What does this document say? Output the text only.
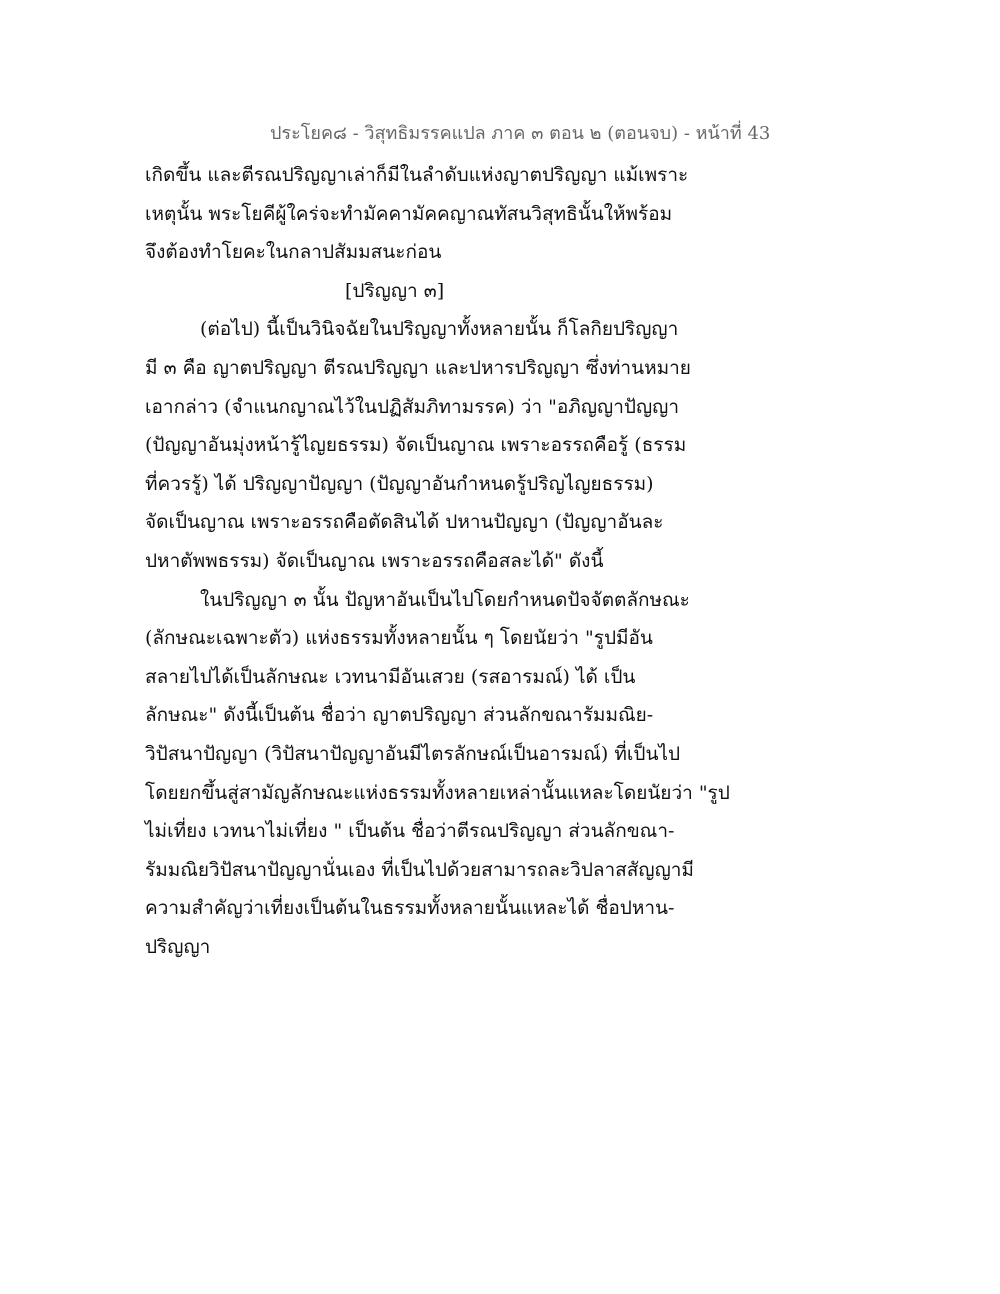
ประโยค๘ - วิสุทธิมรรคแปล ภาค ๓ ตอน ๒ (ตอนจบ) - หน้าที่ 43
เกิดขึ้น และตีรณปริญญาเล่าก็มีในลำดับแห่งญาตปริญญา แม้เพราะ
เหตุนั้น พระโยคีผู้ใคร่จะทำมัคคามัคคญาณทัสนวิสุทธินั้นให้พร้อม
จึงต้องทำโยคะในกลาปสัมมสนะก่อน
[ปริญญา ๓]
(ต่อไป) นี้เป็นวินิจฉัยในปริญญาทั้งหลายนั้น ก็โลกิยปริญญา
มี ๓ คือ ญาตปริญญา ตีรณปริญญา และปหารปริญญา ซึ่งท่านหมาย
เอากล่าว (จำแนกญาณไว้ในปฏิสัมภิทามรรค) ว่า "อภิญญาปัญญา
(ปัญญาอันมุ่งหน้ารู้ไญยธรรม) จัดเป็นญาณ เพราะอรรถคือรู้ (ธรรม
ที่ควรรู้) ได้ ปริญญาปัญญา (ปัญญาอันกำหนดรู้ปริญไญยธรรม)
จัดเป็นญาณ เพราะอรรถคือตัดสินได้ ปหานปัญญา (ปัญญาอันละ
ปหาตัพพธรรม) จัดเป็นญาณ เพราะอรรถคือสละได้" ดังนี้
ในปริญญา ๓ นั้น ปัญหาอันเป็นไปโดยกำหนดปัจจัตตลักษณะ
(ลักษณะเฉพาะตัว) แห่งธรรมทั้งหลายนั้น ๆ โดยนัยว่า "รูปมีอัน
สลายไปได้เป็นลักษณะ เวทนามีอันเสวย (รสอารมณ์) ได้ เป็น
ลักษณะ" ดังนี้เป็นต้น ชื่อว่า ญาตปริญญา ส่วนลักขณารัมมณิย-
วิปัสนาปัญญา (วิปัสนาปัญญาอันมีไตรลักษณ์เป็นอารมณ์) ที่เป็นไป
โดยยกขึ้นสู่สามัญลักษณะแห่งธรรมทั้งหลายเหล่านั้นแหละโดยนัยว่า "รูป
ไม่เที่ยง เวทนาไม่เที่ยง " เป็นต้น ชื่อว่าตีรณปริญญา ส่วนลักขณา-
รัมมณิยวิปัสนาปัญญานั่นเอง ที่เป็นไปด้วยสามารถละวิปลาสสัญญามี
ความสำคัญว่าเที่ยงเป็นต้นในธรรมทั้งหลายนั้นแหละได้ ชื่อปหาน-
ปริญญา
